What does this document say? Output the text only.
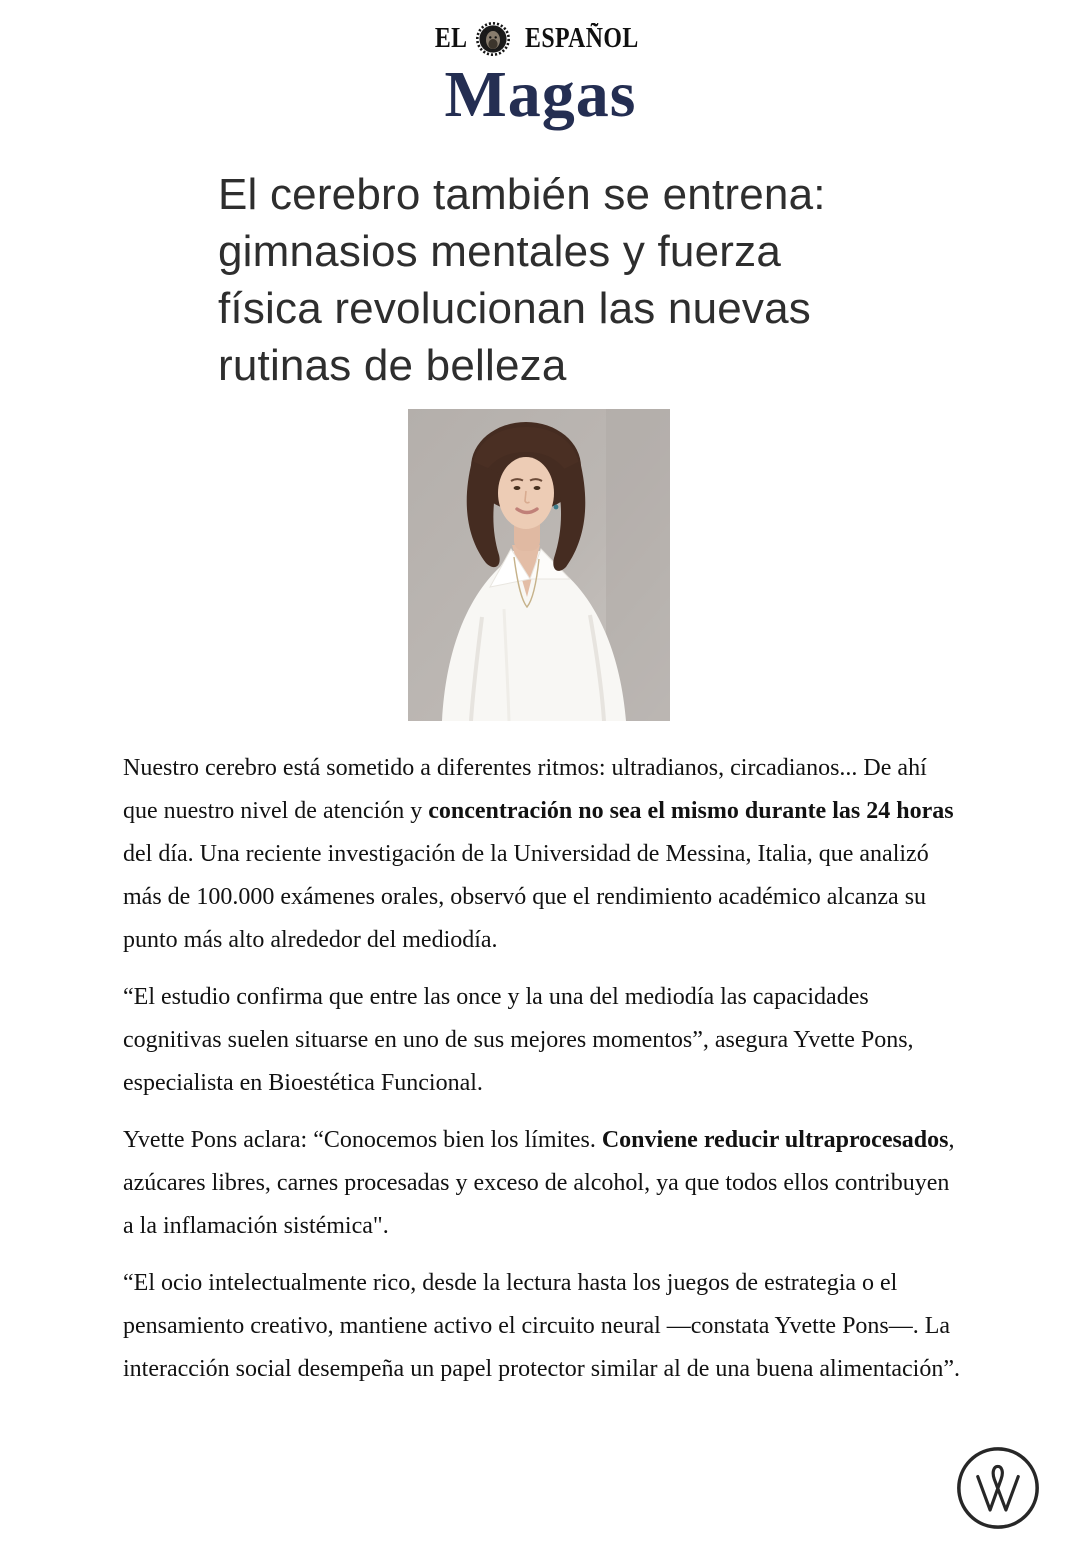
EL ESPAÑOL
Magas
El cerebro también se entrena:
gimnasios mentales y fuerza
física revolucionan las nuevas
rutinas de belleza

Nuestro cerebro está sometido a diferentes ritmos: ultradianos, circadianos... De ahí que nuestro nivel de atención y concentración no sea el mismo durante las 24 horas del día. Una reciente investigación de la Universidad de Messina, Italia, que analizó más de 100.000 exámenes orales, observó que el rendimiento académico alcanza su punto más alto alrededor del mediodía.

“El estudio confirma que entre las once y la una del mediodía las capacidades cognitivas suelen situarse en uno de sus mejores momentos”, asegura Yvette Pons, especialista en Bioestética Funcional.

Yvette Pons aclara: “Conocemos bien los límites. Conviene reducir ultraprocesados, azúcares libres, carnes procesadas y exceso de alcohol, ya que todos ellos contribuyen a la inflamación sistémica".

“El ocio intelectualmente rico, desde la lectura hasta los juegos de estrategia o el pensamiento creativo, mantiene activo el circuito neural —constata Yvette Pons—. La interacción social desempeña un papel protector similar al de una buena alimentación”.
